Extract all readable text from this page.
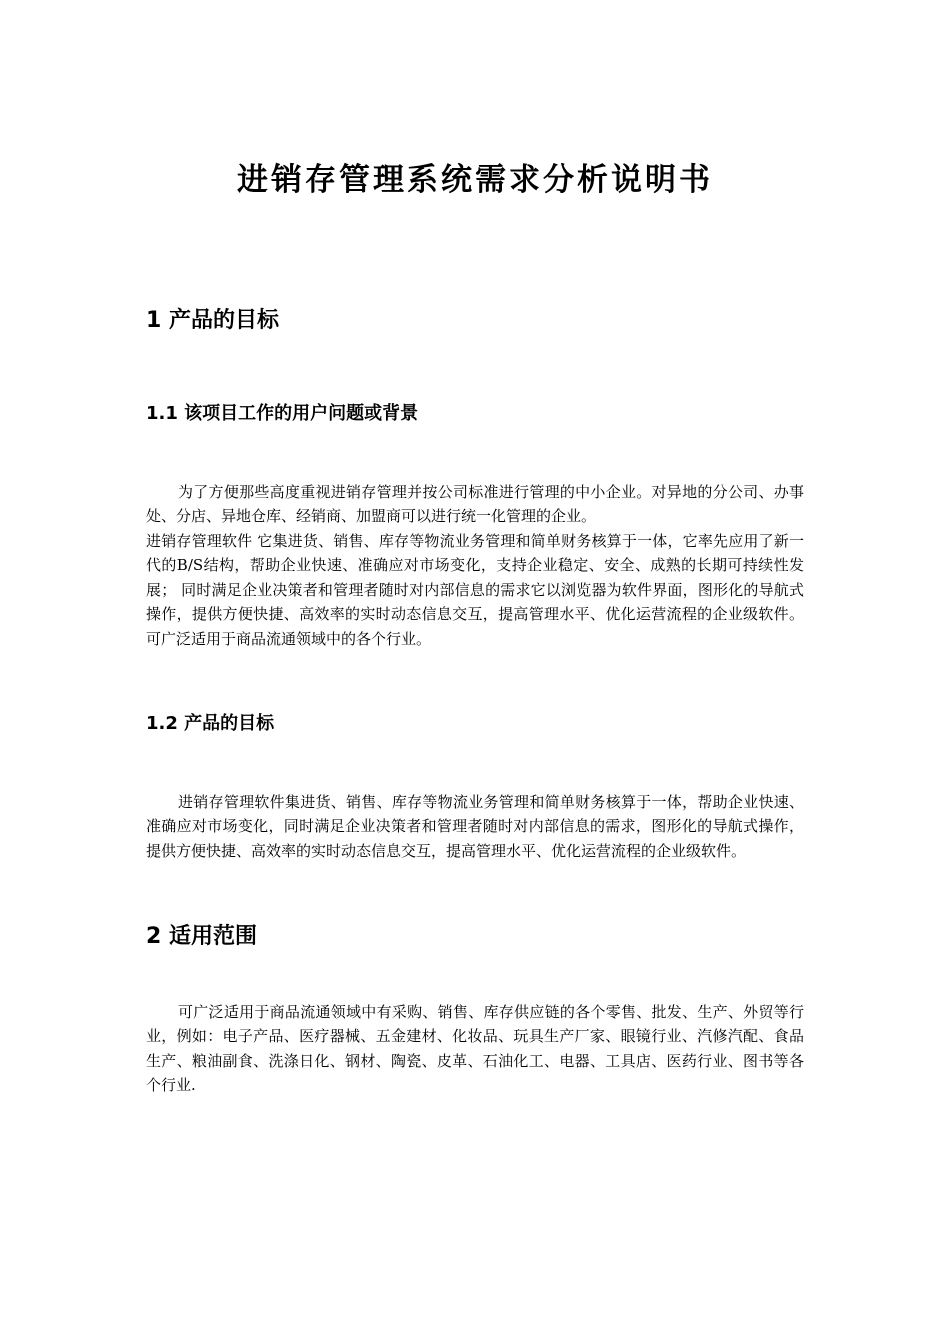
进销存管理系统需求分析说明书
1 产品的目标
1.1 该项目工作的用户问题或背景

为了方便那些高度重视进销存管理并按公司标准进行管理的中小企业。对异地的分公司、办事处、分店、异地仓库、经销商、加盟商可以进行统一化管理的企业。

进销存管理软件 它集进货、销售、库存等物流业务管理和简单财务核算于一体，它率先应用了新一代的B/S结构，帮助企业快速、准确应对市场变化，支持企业稳定、安全、成熟的长期可持续性发展； 同时满足企业决策者和管理者随时对内部信息的需求它以浏览器为软件界面，图形化的导航式操作，提供方便快捷、高效率的实时动态信息交互，提高管理水平、优化运营流程的企业级软件。可广泛适用于商品流通领域中的各个行业。

1.2 产品的目标

进销存管理软件集进货、销售、库存等物流业务管理和简单财务核算于一体，帮助企业快速、准确应对市场变化，同时满足企业决策者和管理者随时对内部信息的需求，图形化的导航式操作，提供方便快捷、高效率的实时动态信息交互，提高管理水平、优化运营流程的企业级软件。

2 适用范围

可广泛适用于商品流通领域中有采购、销售、库存供应链的各个零售、批发、生产、外贸等行业，例如：电子产品、医疗器械、五金建材、化妆品、玩具生产厂家、眼镜行业、汽修汽配、食品生产、粮油副食、洗涤日化、钢材、陶瓷、皮革、石油化工、电器、工具店、医药行业、图书等各个行业.
